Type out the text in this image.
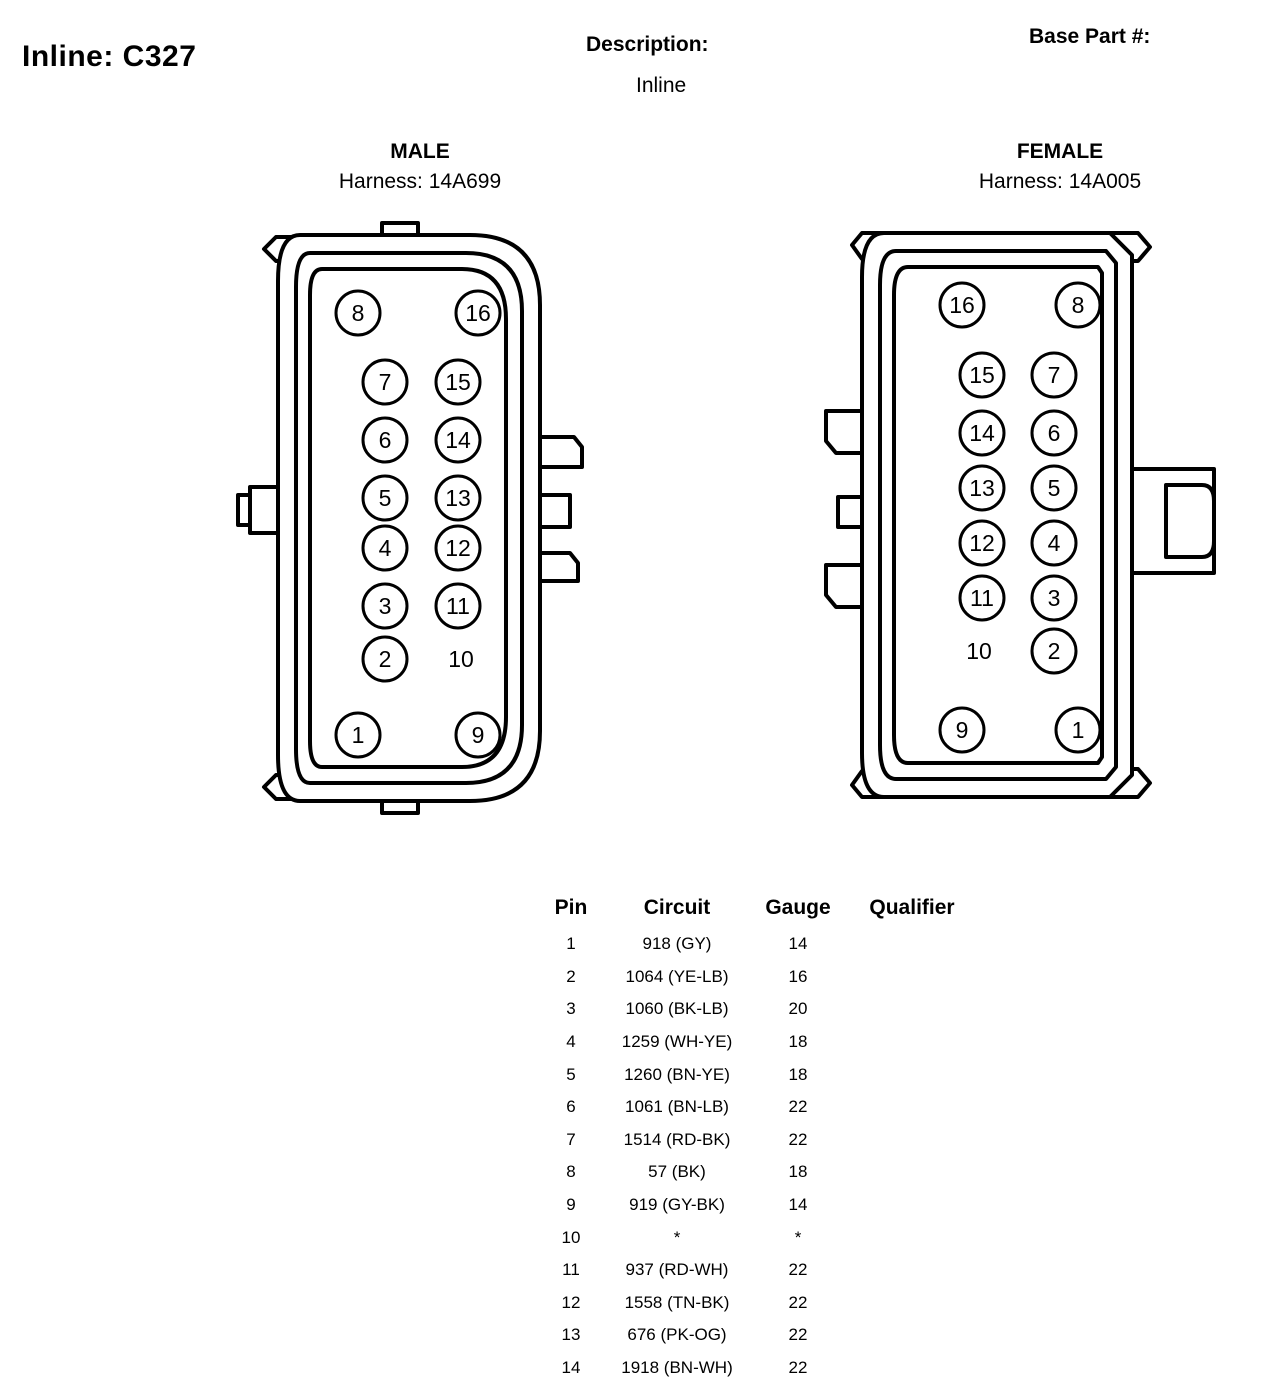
Inline: C327	Description:
Inline
Base Part #:
MALE
Harness: 14A699
8	16
7 15
6 14
5 13
4 12
3 11
2 10
1	9
FEMALE
Harness: 14A005
16	8
15 7
14 6
13 5
12 4
11 3
10 2
9	1
Pin	Circuit	Gauge	Qualifier
1	918 (GY)	14	
2	1064 (YE-LB)	16	
3	1060 (BK-LB)	20	
4	1259 (WH-YE)	18	
5	1260 (BN-YE)	18	
6	1061 (BN-LB)	22	
7	1514 (RD-BK)	22	
8	57 (BK)	18	
9	919 (GY-BK)	14	
10	*	*	
11	937 (RD-WH)	22	
12	1558 (TN-BK)	22	
13	676 (PK-OG)	22	
14	1918 (BN-WH)	22	
